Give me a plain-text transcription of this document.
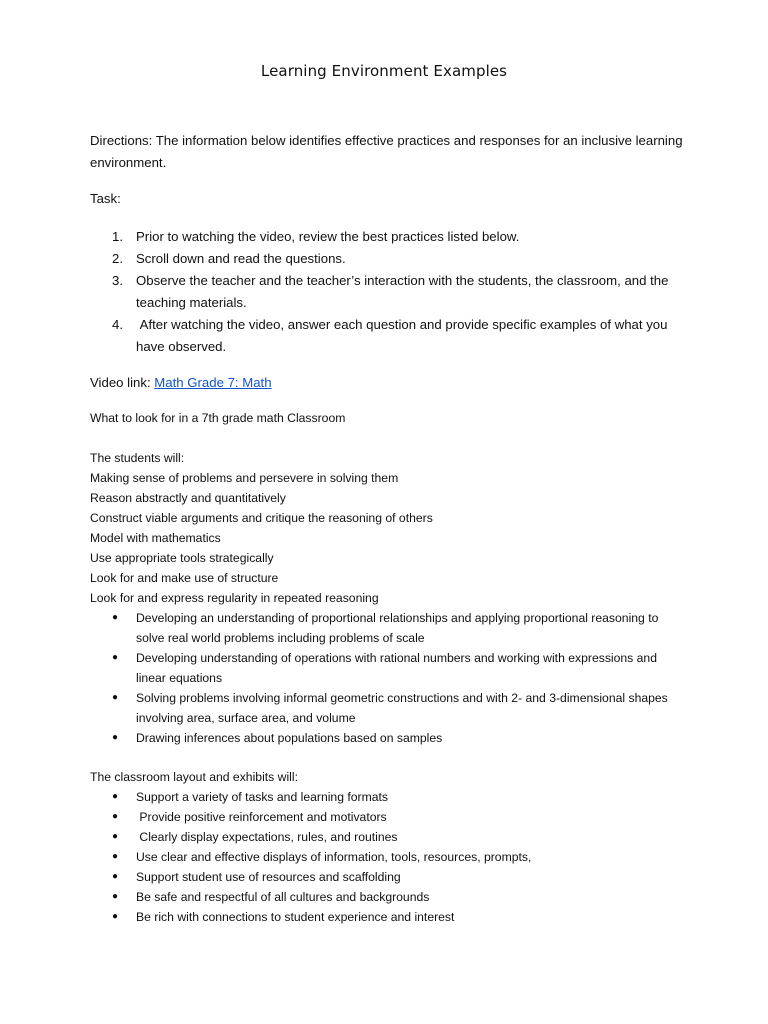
Learning Environment Examples
Directions: The information below identifies effective practices and responses for an inclusive learning environment.
Task:
1. Prior to watching the video, review the best practices listed below.
2. Scroll down and read the questions.
3. Observe the teacher and the teacher’s interaction with the students, the classroom, and the teaching materials.
4. After watching the video, answer each question and provide specific examples of what you have observed.
Video link: Math Grade 7: Math
What to look for in a 7th grade math Classroom
The students will:
Making sense of problems and persevere in solving them
Reason abstractly and quantitatively
Construct viable arguments and critique the reasoning of others
Model with mathematics
Use appropriate tools strategically
Look for and make use of structure
Look for and express regularity in repeated reasoning
● Developing an understanding of proportional relationships and applying proportional reasoning to solve real world problems including problems of scale
● Developing understanding of operations with rational numbers and working with expressions and linear equations
● Solving problems involving informal geometric constructions and with 2- and 3-dimensional shapes involving area, surface area, and volume
● Drawing inferences about populations based on samples
The classroom layout and exhibits will:
● Support a variety of tasks and learning formats
● Provide positive reinforcement and motivators
● Clearly display expectations, rules, and routines
● Use clear and effective displays of information, tools, resources, prompts,
● Support student use of resources and scaffolding
● Be safe and respectful of all cultures and backgrounds
● Be rich with connections to student experience and interest
